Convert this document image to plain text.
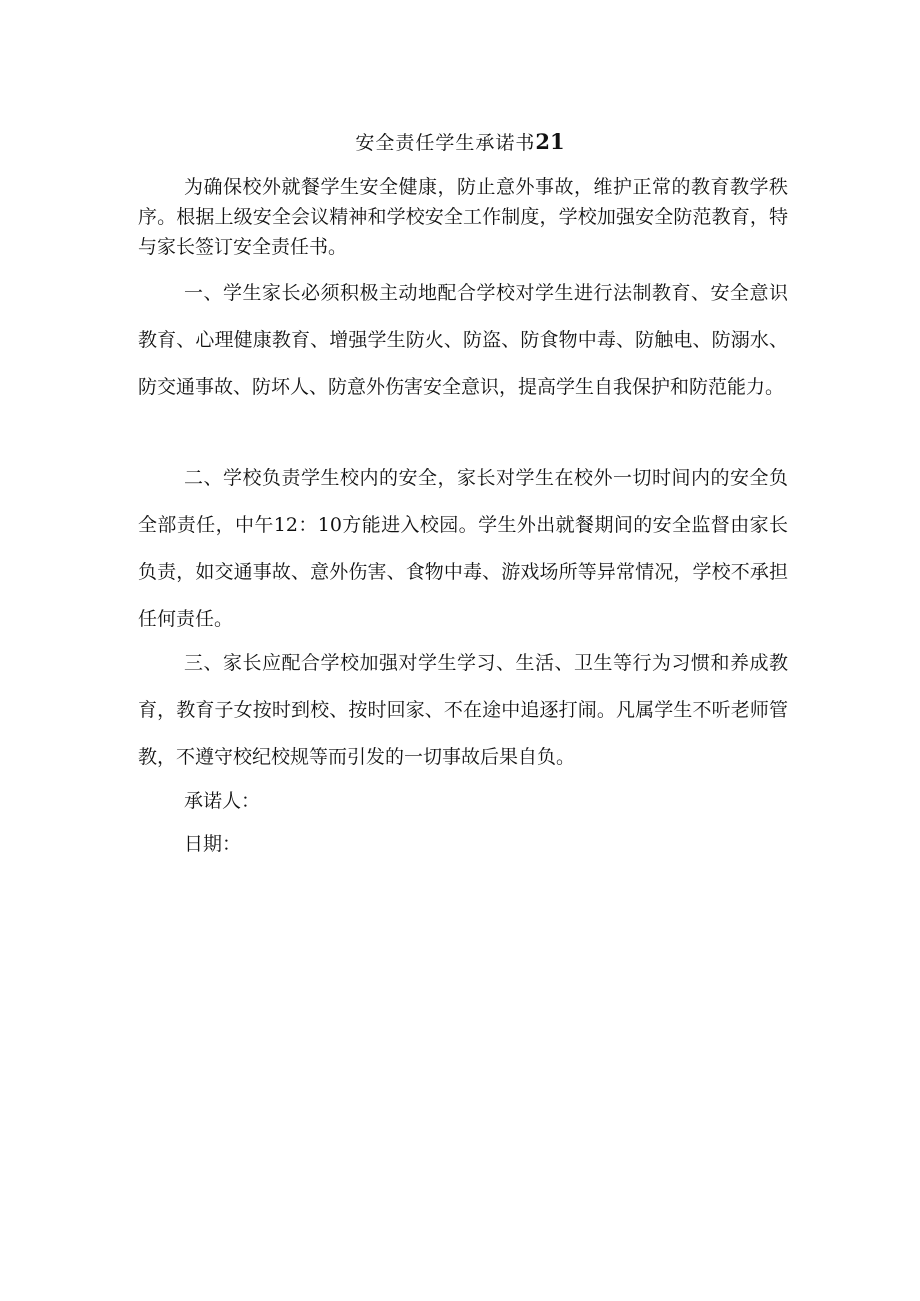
安全责任学生承诺书21

为确保校外就餐学生安全健康，防止意外事故，维护正常的教育教学秩序。根据上级安全会议精神和学校安全工作制度，学校加强安全防范教育，特与家长签订安全责任书。

一、学生家长必须积极主动地配合学校对学生进行法制教育、安全意识教育、心理健康教育、增强学生防火、防盗、防食物中毒、防触电、防溺水、防交通事故、防坏人、防意外伤害安全意识，提高学生自我保护和防范能力。

二、学校负责学生校内的安全，家长对学生在校外一切时间内的安全负全部责任，中午12：10方能进入校园。学生外出就餐期间的安全监督由家长负责，如交通事故、意外伤害、食物中毒、游戏场所等异常情况，学校不承担任何责任。

三、家长应配合学校加强对学生学习、生活、卫生等行为习惯和养成教育，教育子女按时到校、按时回家、不在途中追逐打闹。凡属学生不听老师管教，不遵守校纪校规等而引发的一切事故后果自负。

承诺人：

日期：
